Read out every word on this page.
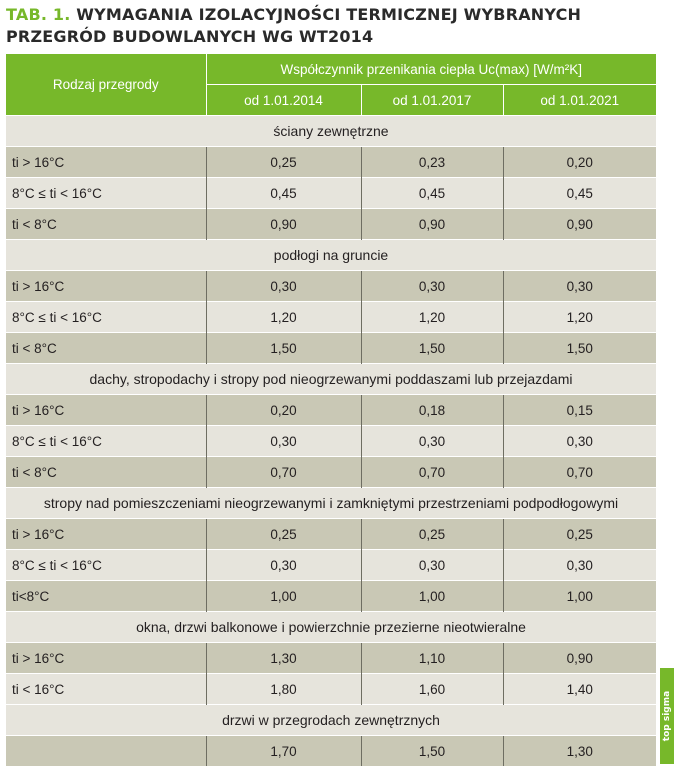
TAB. 1. WYMAGANIA IZOLACYJNOŚCI TERMICZNEJ WYBRANYCH
PRZEGRÓD BUDOWLANYCH WG WT2014
Rodzaj przegrody	Współczynnik przenikania ciepła Uc(max) [W/m²K]		
	od 1.01.2014	od 1.01.2017	od 1.01.2021
ściany zewnętrzne			
ti > 16°C	0,25	0,23	0,20
8°C ≤ ti < 16°C	0,45	0,45	0,45
ti < 8°C	0,90	0,90	0,90
podłogi na gruncie			
ti > 16°C	0,30	0,30	0,30
8°C ≤ ti < 16°C	1,20	1,20	1,20
ti < 8°C	1,50	1,50	1,50
dachy, stropodachy i stropy pod nieogrzewanymi poddaszami lub przejazdami			
ti > 16°C	0,20	0,18	0,15
8°C ≤ ti < 16°C	0,30	0,30	0,30
ti < 8°C	0,70	0,70	0,70
stropy nad pomieszczeniami nieogrzewanymi i zamkniętymi przestrzeniami podpodłogowymi			
ti > 16°C	0,25	0,25	0,25
8°C ≤ ti < 16°C	0,30	0,30	0,30
ti<8°C	1,00	1,00	1,00
okna, drzwi balkonowe i powierzchnie przezierne nieotwieralne			
ti > 16°C	1,30	1,10	0,90
ti < 16°C	1,80	1,60	1,40
drzwi w przegrodach zewnętrznych			
	1,70	1,50	1,30
top sigma
